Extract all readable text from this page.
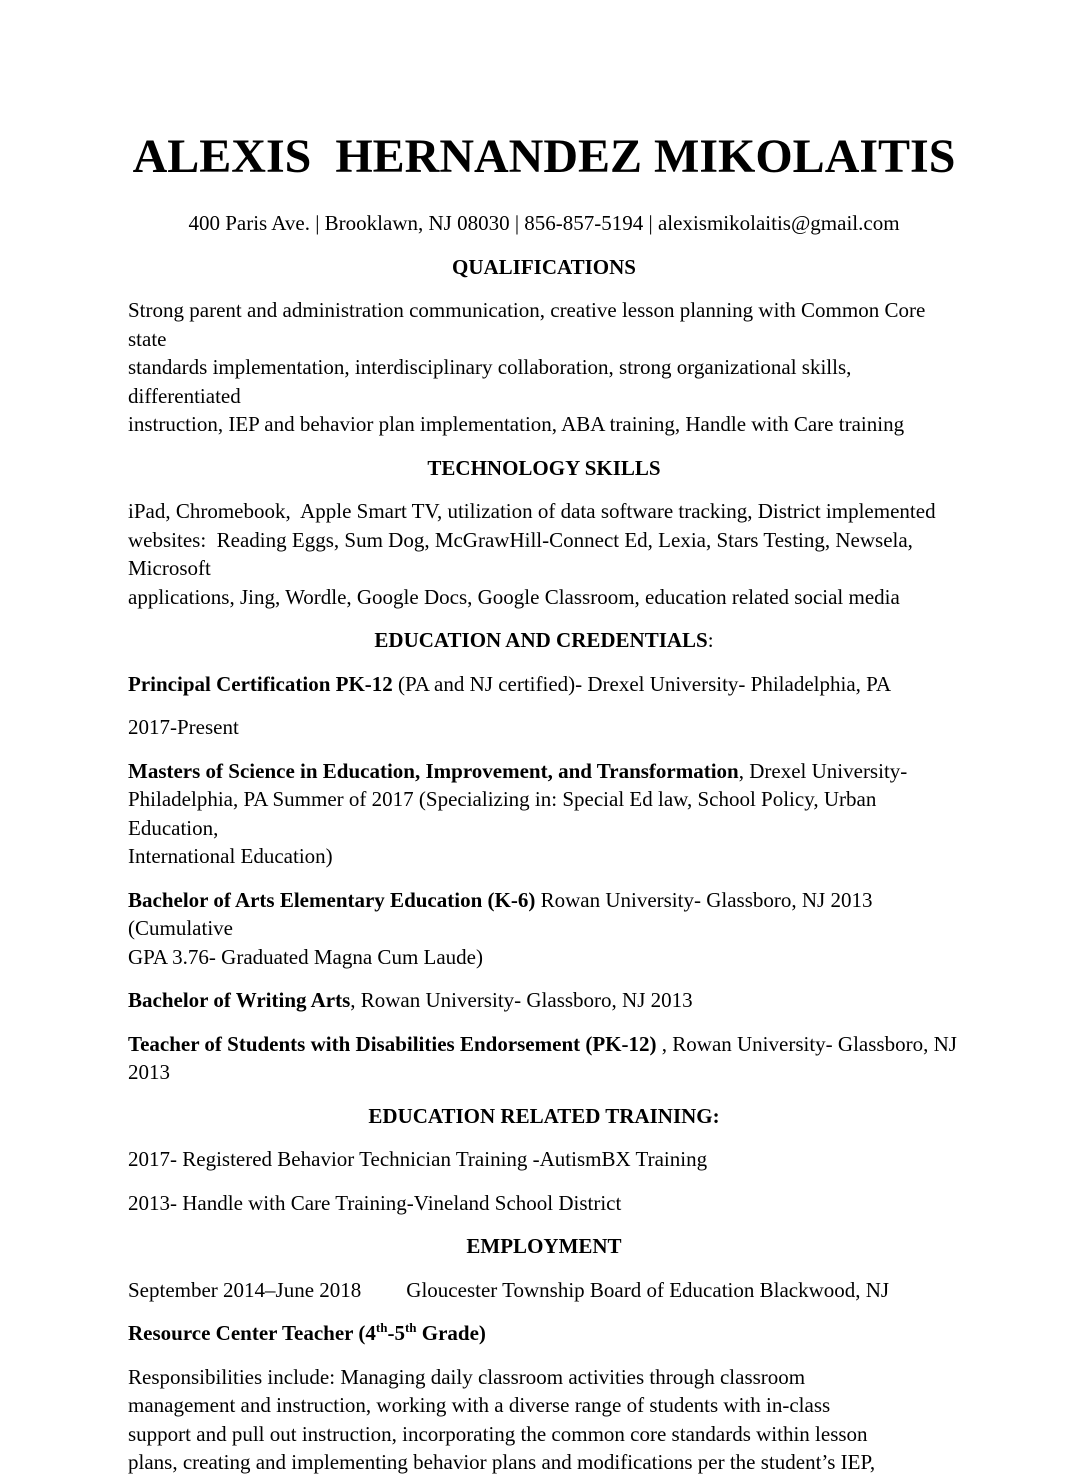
ALEXIS  HERNANDEZ MIKOLAITIS

400 Paris Ave. | Brooklawn, NJ 08030 | 856-857-5194 | alexismikolaitis@gmail.com

QUALIFICATIONS

Strong parent and administration communication, creative lesson planning with Common Core state
standards implementation, interdisciplinary collaboration, strong organizational skills, differentiated
instruction, IEP and behavior plan implementation, ABA training, Handle with Care training

TECHNOLOGY SKILLS

iPad, Chromebook,  Apple Smart TV, utilization of data software tracking, District implemented
websites:  Reading Eggs, Sum Dog, McGrawHill-Connect Ed, Lexia, Stars Testing, Newsela,  Microsoft
applications, Jing, Wordle, Google Docs, Google Classroom, education related social media

EDUCATION AND CREDENTIALS:

Principal Certification PK-12 (PA and NJ certified)- Drexel University- Philadelphia, PA

2017-Present

Masters of Science in Education, Improvement, and Transformation, Drexel University-
Philadelphia, PA Summer of 2017 (Specializing in: Special Ed law, School Policy, Urban Education,
International Education)

Bachelor of Arts Elementary Education (K-6) Rowan University- Glassboro, NJ 2013 (Cumulative
GPA 3.76- Graduated Magna Cum Laude)

Bachelor of Writing Arts, Rowan University- Glassboro, NJ 2013

Teacher of Students with Disabilities Endorsement (PK-12) , Rowan University- Glassboro, NJ 2013

EDUCATION RELATED TRAINING:

2017- Registered Behavior Technician Training -AutismBX Training

2013- Handle with Care Training-Vineland School District

EMPLOYMENT

September 2014–June 2018 Gloucester Township Board of Education Blackwood, NJ

Resource Center Teacher (4th-5th Grade)

Responsibilities include: Managing daily classroom activities through classroom
management and instruction, working with a diverse range of students with in-class
support and pull out instruction, incorporating the common core standards within lesson
plans, creating and implementing behavior plans and modifications per the student’s IEP,
